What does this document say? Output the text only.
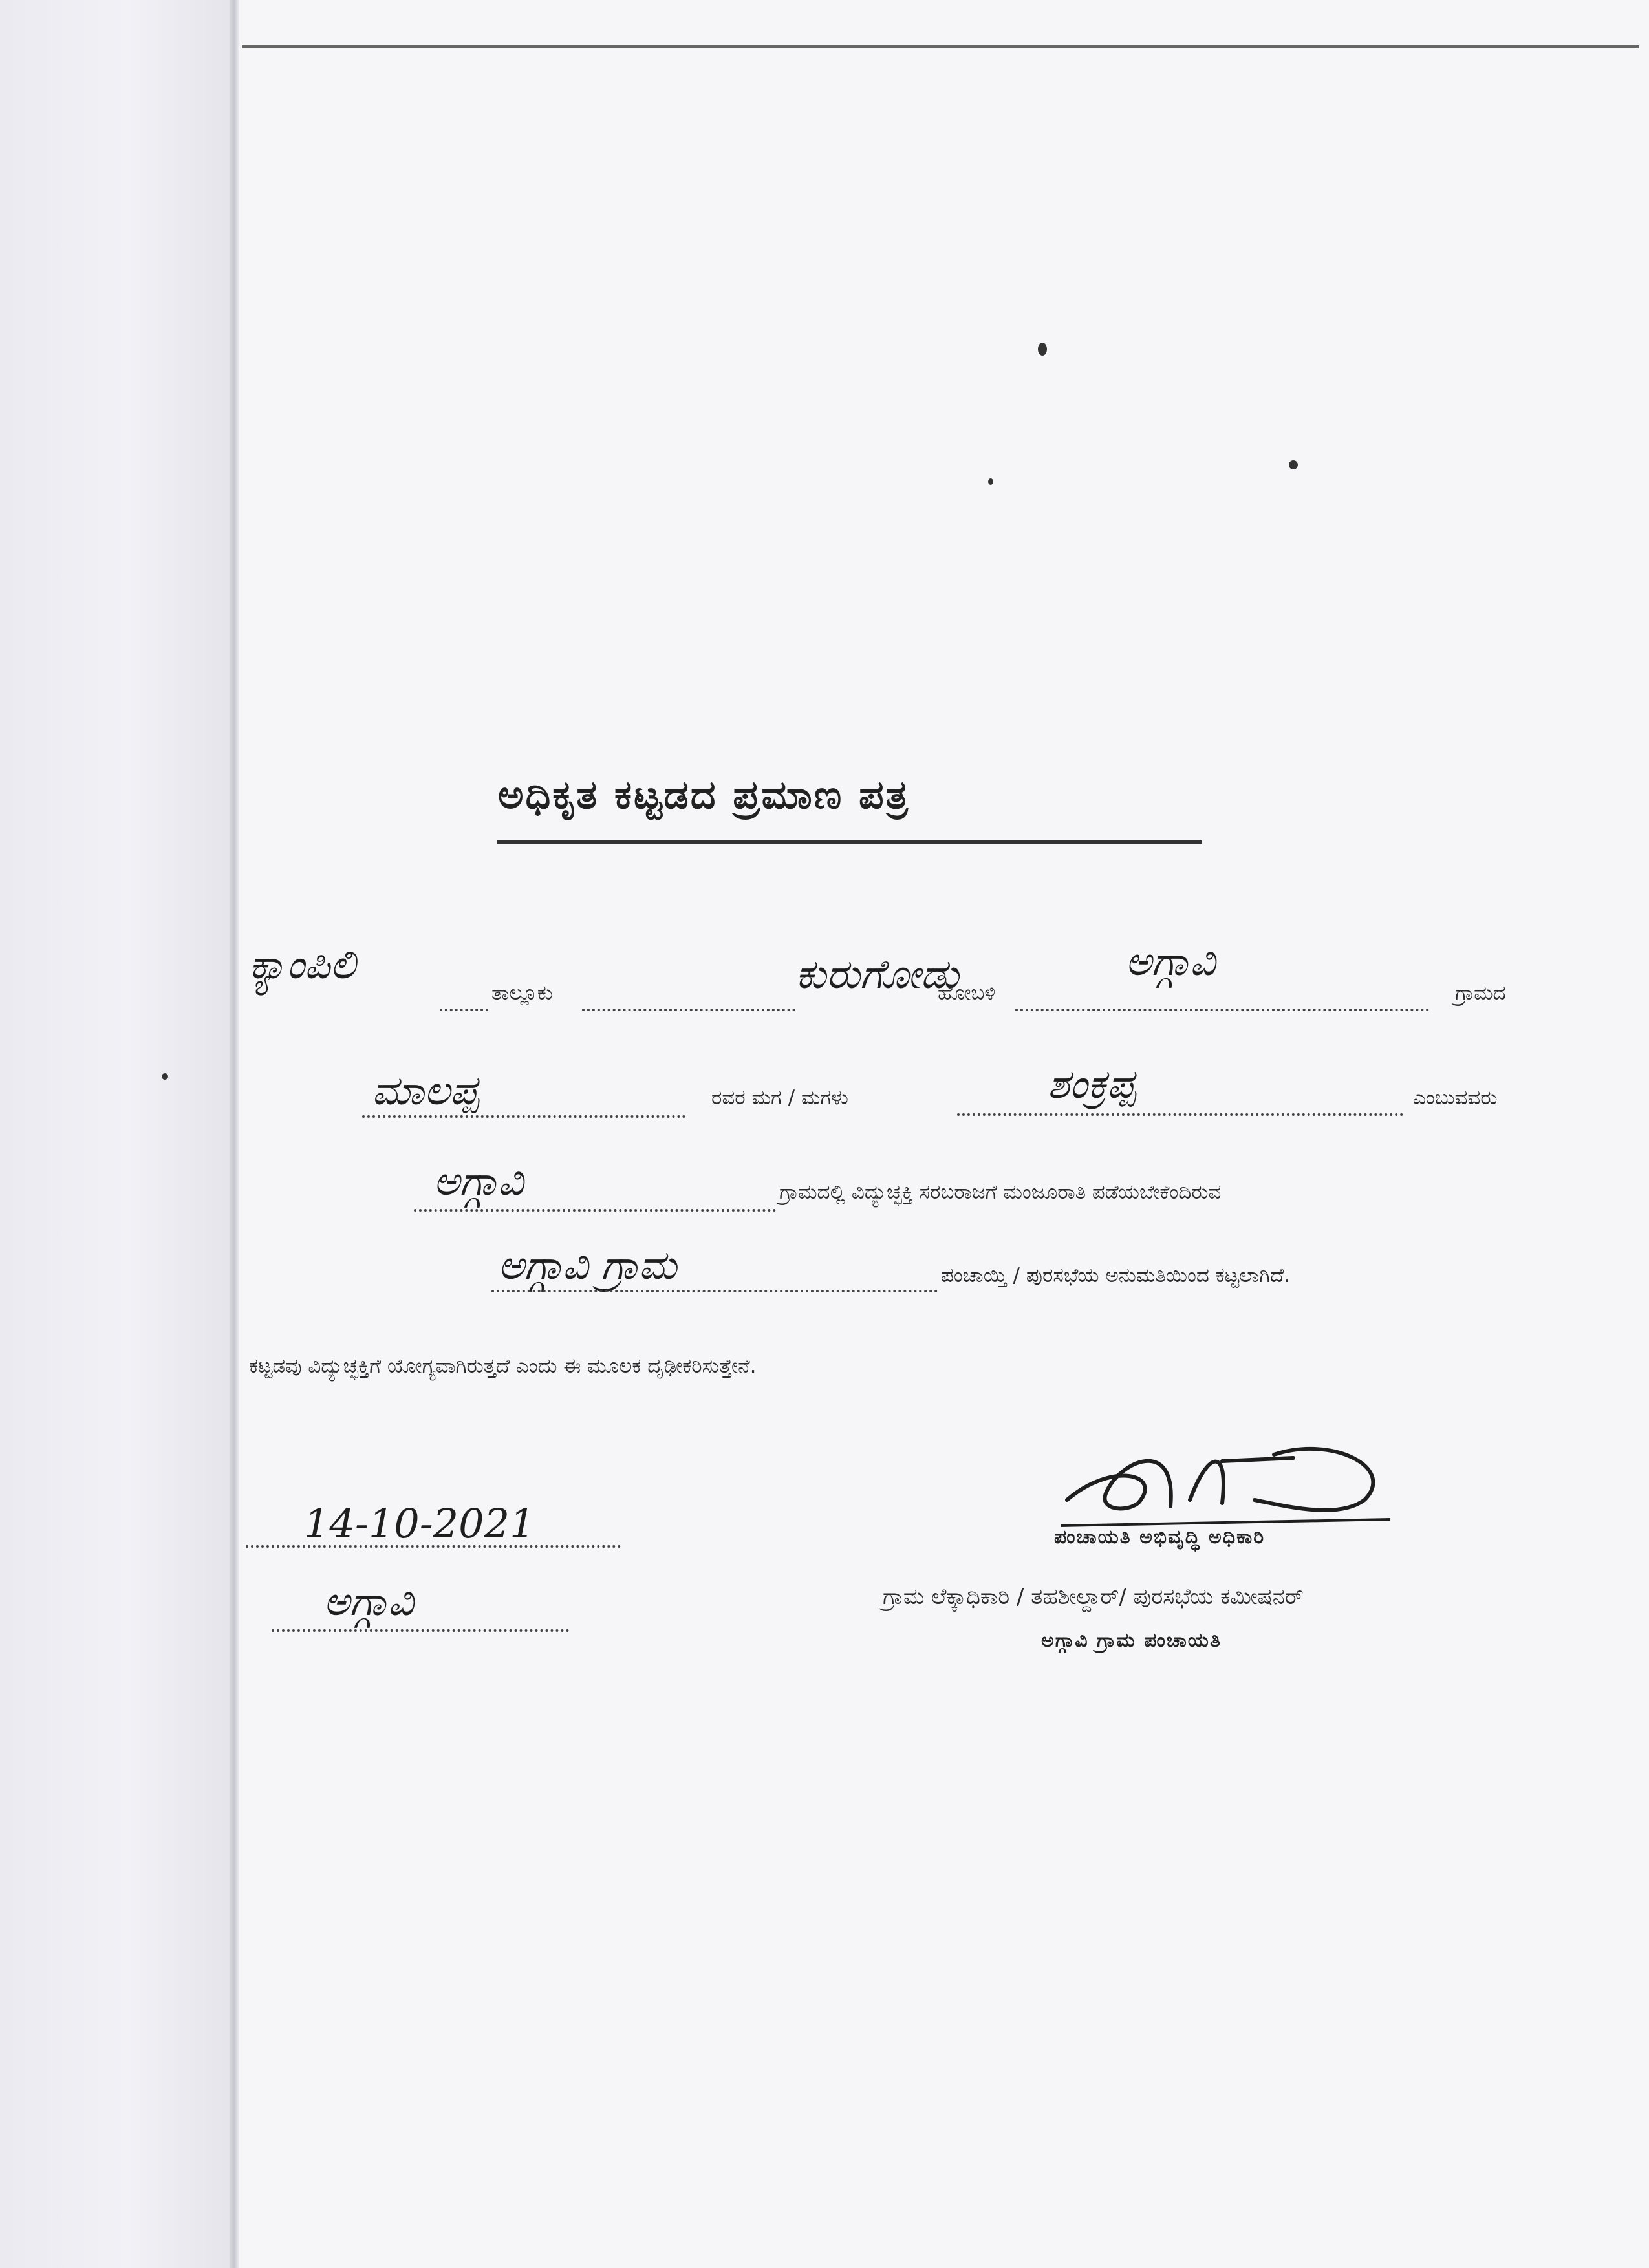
ಅಧಿಕೃತ ಕಟ್ಟಡದ ಪ್ರಮಾಣ ಪತ್ರ
ಕ್ಯಾಂಪಿಲಿ
ತಾಲ್ಲೂಕು	ಕುರುಗೋಡು
ಹೋಬಳಿ
ಅಗ್ಗಾವಿ
ಗ್ರಾಮದ
ಮಾಲಪ್ಪ	ರವರ ಮಗ / ಮಗಳು	ಶಂಕ್ರಪ್ಪ	ಎಂಬುವವರು
ಅಗ್ಗಾವಿ	ಗ್ರಾಮದಲ್ಲಿ ವಿದ್ಯುಚ್ಛಕ್ತಿ ಸರಬರಾಜಗೆ ಮಂಜೂರಾತಿ ಪಡೆಯಬೇಕೆಂದಿರುವ
ಅಗ್ಗಾವಿ ಗ್ರಾಮ	ಪಂಚಾಯ್ತಿ / ಪುರಸಭೆಯ ಅನುಮತಿಯಿಂದ ಕಟ್ಟಲಾಗಿದೆ.
ಕಟ್ಟಡವು ವಿದ್ಯುಚ್ಛಕ್ತಿಗೆ ಯೋಗ್ಯವಾಗಿರುತ್ತದೆ ಎಂದು ಈ ಮೂಲಕ ದೃಢೀಕರಿಸುತ್ತೇನೆ.
14-10-2021
ಅಗ್ಗಾವಿ
ಪಂಚಾಯತಿ ಅಭಿವೃದ್ಧಿ ಅಧಿಕಾರಿ
ಗ್ರಾಮ ಲೆಕ್ಕಾಧಿಕಾರಿ / ತಹಶೀಲ್ದಾರ್/ ಪುರಸಭೆಯ ಕಮೀಷನರ್
ಅಗ್ಗಾವಿ ಗ್ರಾಮ ಪಂಚಾಯತಿ
